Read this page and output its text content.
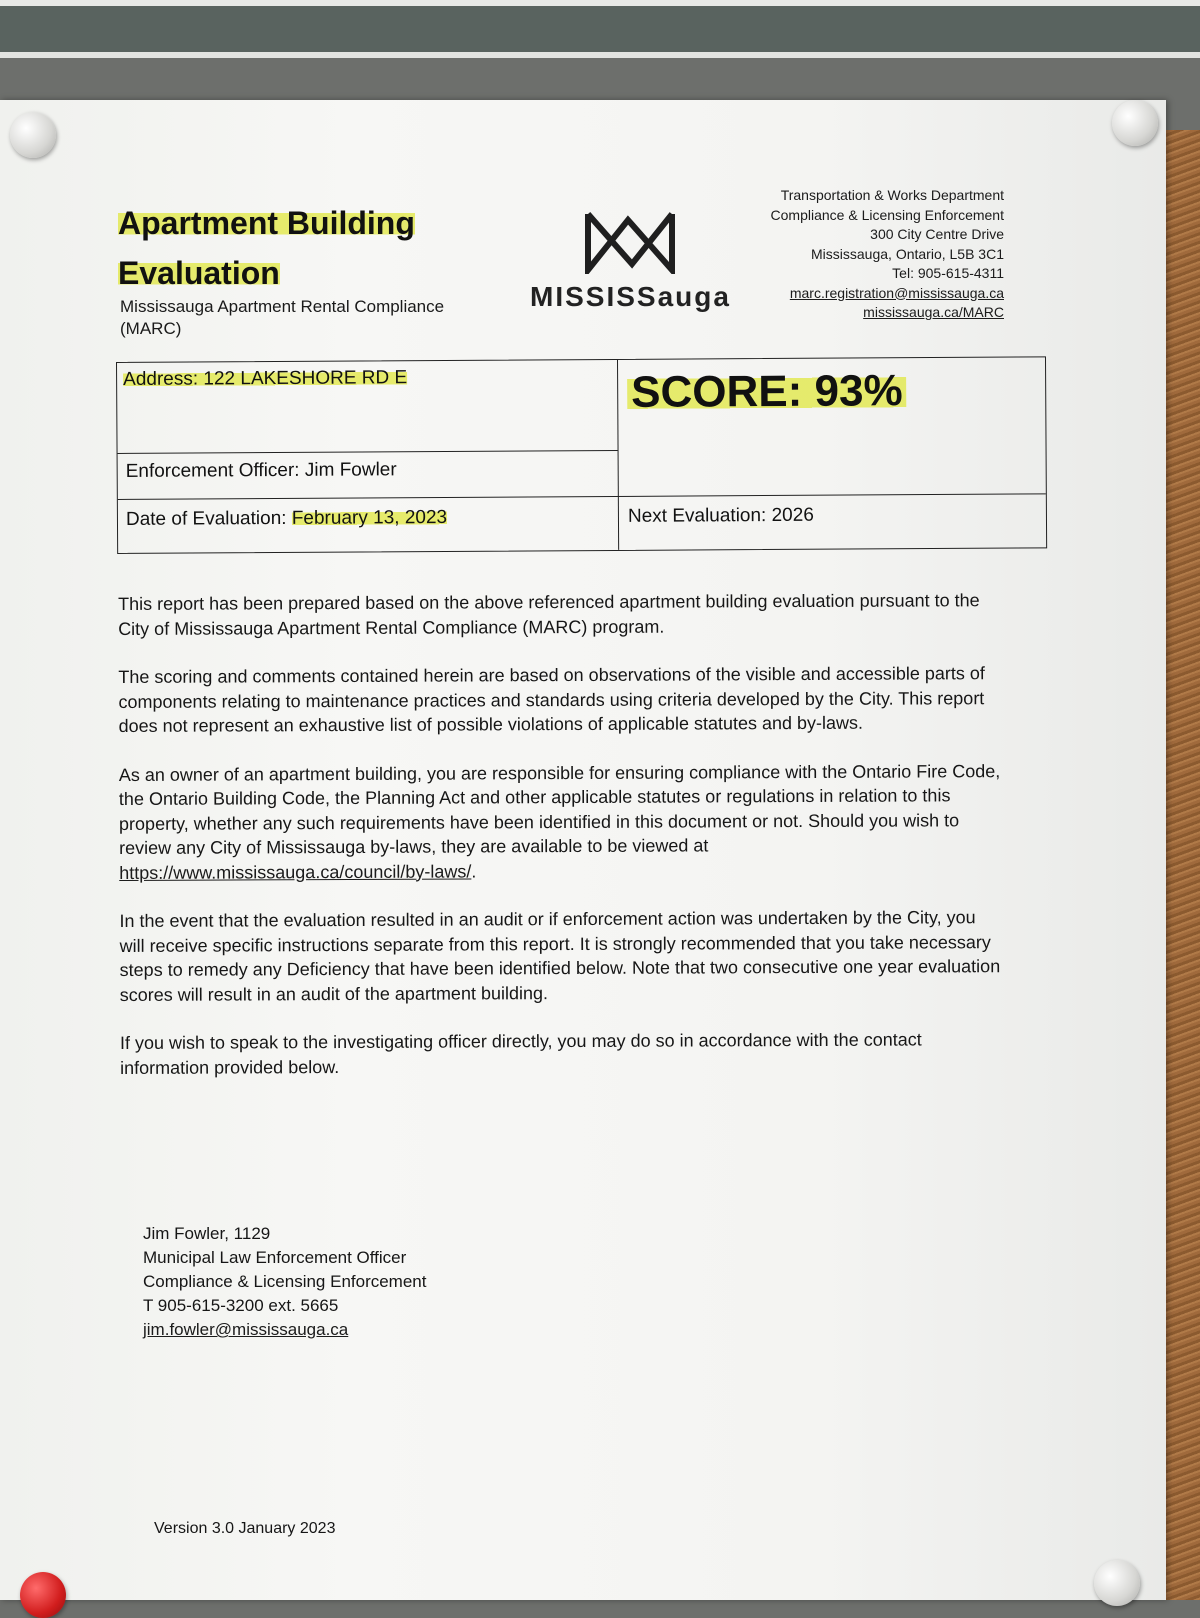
Apartment Building
Evaluation
Mississauga Apartment Rental Compliance (MARC)
MISSISSauga
Transportation & Works Department
Compliance & Licensing Enforcement
300 City Centre Drive
Mississauga, Ontario, L5B 3C1
Tel: 905-615-4311
marc.registration@mississauga.ca
mississauga.ca/MARC
Address: 122 LAKESHORE RD E
Enforcement Officer: Jim Fowler
Date of Evaluation: February 13, 2023
SCORE: 93%
Next Evaluation: 2026

This report has been prepared based on the above referenced apartment building evaluation pursuant to the City of Mississauga Apartment Rental Compliance (MARC) program.

The scoring and comments contained herein are based on observations of the visible and accessible parts of components relating to maintenance practices and standards using criteria developed by the City. This report does not represent an exhaustive list of possible violations of applicable statutes and by-laws.

As an owner of an apartment building, you are responsible for ensuring compliance with the Ontario Fire Code, the Ontario Building Code, the Planning Act and other applicable statutes or regulations in relation to this property, whether any such requirements have been identified in this document or not. Should you wish to review any City of Mississauga by-laws, they are available to be viewed at https://www.mississauga.ca/council/by-laws/.

In the event that the evaluation resulted in an audit or if enforcement action was undertaken by the City, you will receive specific instructions separate from this report. It is strongly recommended that you take necessary steps to remedy any Deficiency that have been identified below. Note that two consecutive one year evaluation scores will result in an audit of the apartment building.

If you wish to speak to the investigating officer directly, you may do so in accordance with the contact information provided below.

Jim Fowler, 1129
Municipal Law Enforcement Officer
Compliance & Licensing Enforcement
T 905-615-3200 ext. 5665
jim.fowler@mississauga.ca
Version 3.0 January 2023
